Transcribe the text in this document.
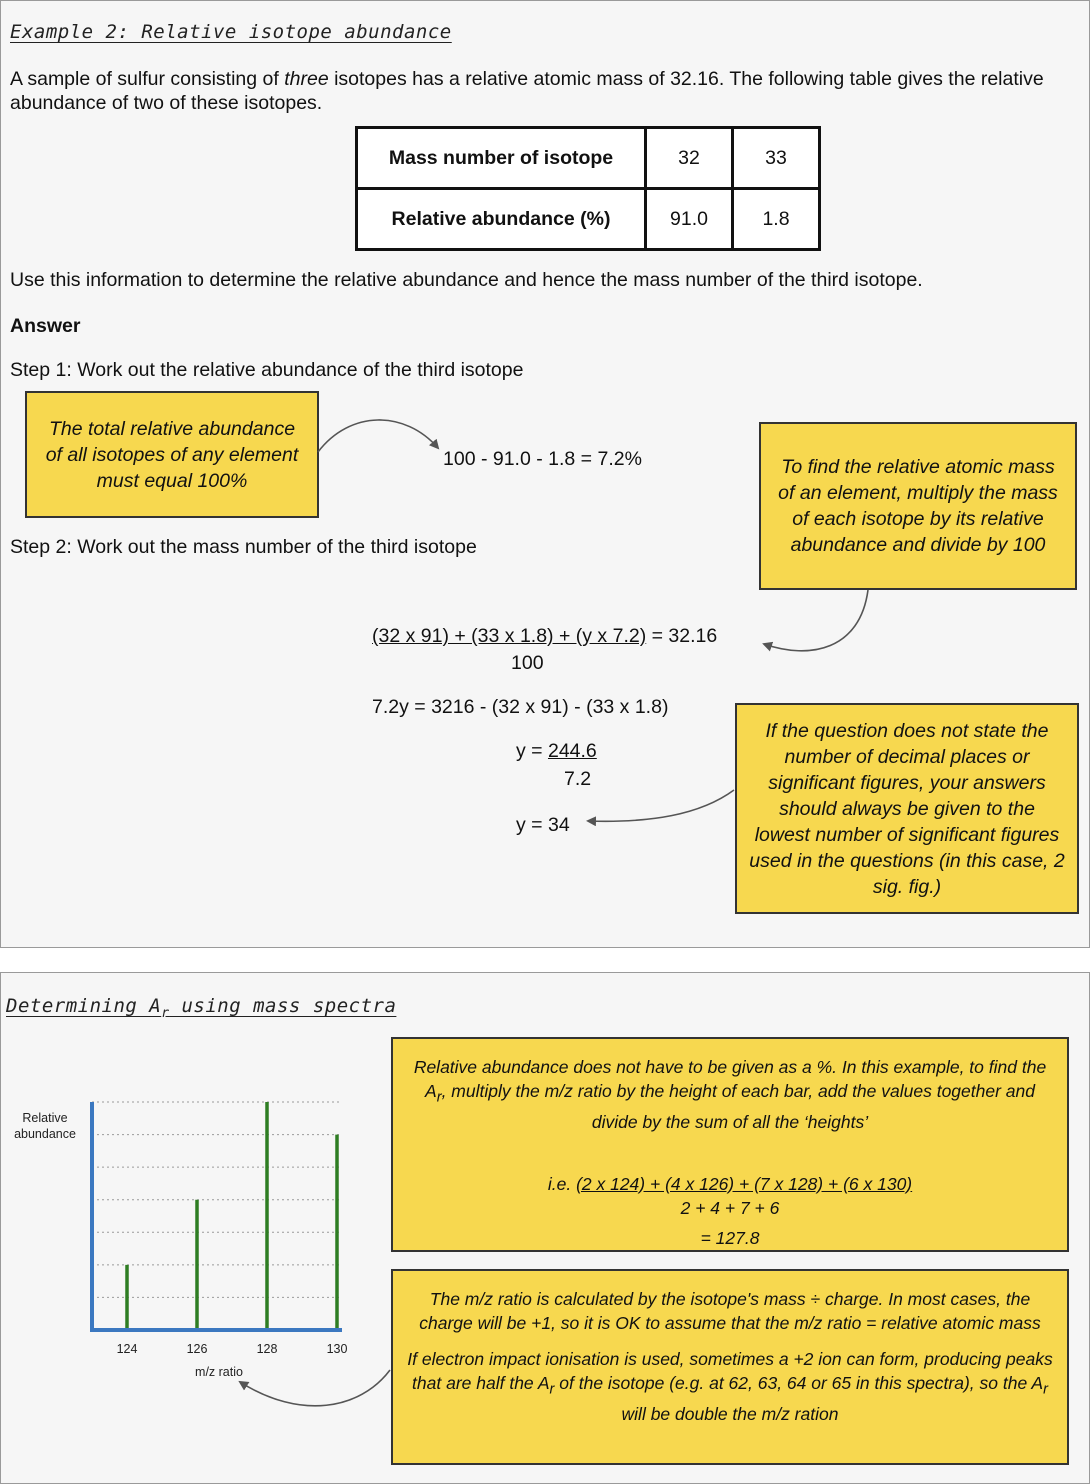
Example 2: Relative isotope abundance
A sample of sulfur consisting of three isotopes has a relative atomic mass of 32.16. The following table gives the relative abundance of two of these isotopes.
Mass number of isotope	32	33
Relative abundance (%)	91.0	1.8
Use this information to determine the relative abundance and hence the mass number of the third isotope.
Answer
Step 1: Work out the relative abundance of the third isotope
The total relative abundance of all isotopes of any element must equal 100%
100 - 91.0 - 1.8 = 7.2%
Step 2: Work out the mass number of the third isotope
To find the relative atomic mass of an element, multiply the mass of each isotope by its relative abundance and divide by 100
(32 x 91) + (33 x 1.8) + (y x 7.2) = 32.16
100
7.2y = 3216 - (32 x 91) - (33 x 1.8)
y = 244.6
7.2
y = 34
If the question does not state the number of decimal places or significant figures, your answers should always be given to the lowest number of significant figures used in the questions (in this case, 2 sig. fig.)
Determining $A_r$ using mass spectra
Relative abundance does not have to be given as a %. In this example, to find the $A_r$, multiply the m/z ratio by the height of each bar, add the values together and divide by the sum of all the ‘heights’
i.e. (2 x 124) + (4 x 126) + (7 x 128) + (6 x 130)
2 + 4 + 7 + 6
= 127.8
The m/z ratio is calculated by the isotope's mass ÷ charge. In most cases, the charge will be +1, so it is OK to assume that the m/z ratio = relative atomic mass
If electron impact ionisation is used, sometimes a +2 ion can form, producing peaks that are half the $A_r$ of the isotope (e.g. at 62, 63, 64 or 65 in this spectra), so the $A_r$ will be double the m/z ration
124	126	128	130
m/z ratio
Relative
abundance
